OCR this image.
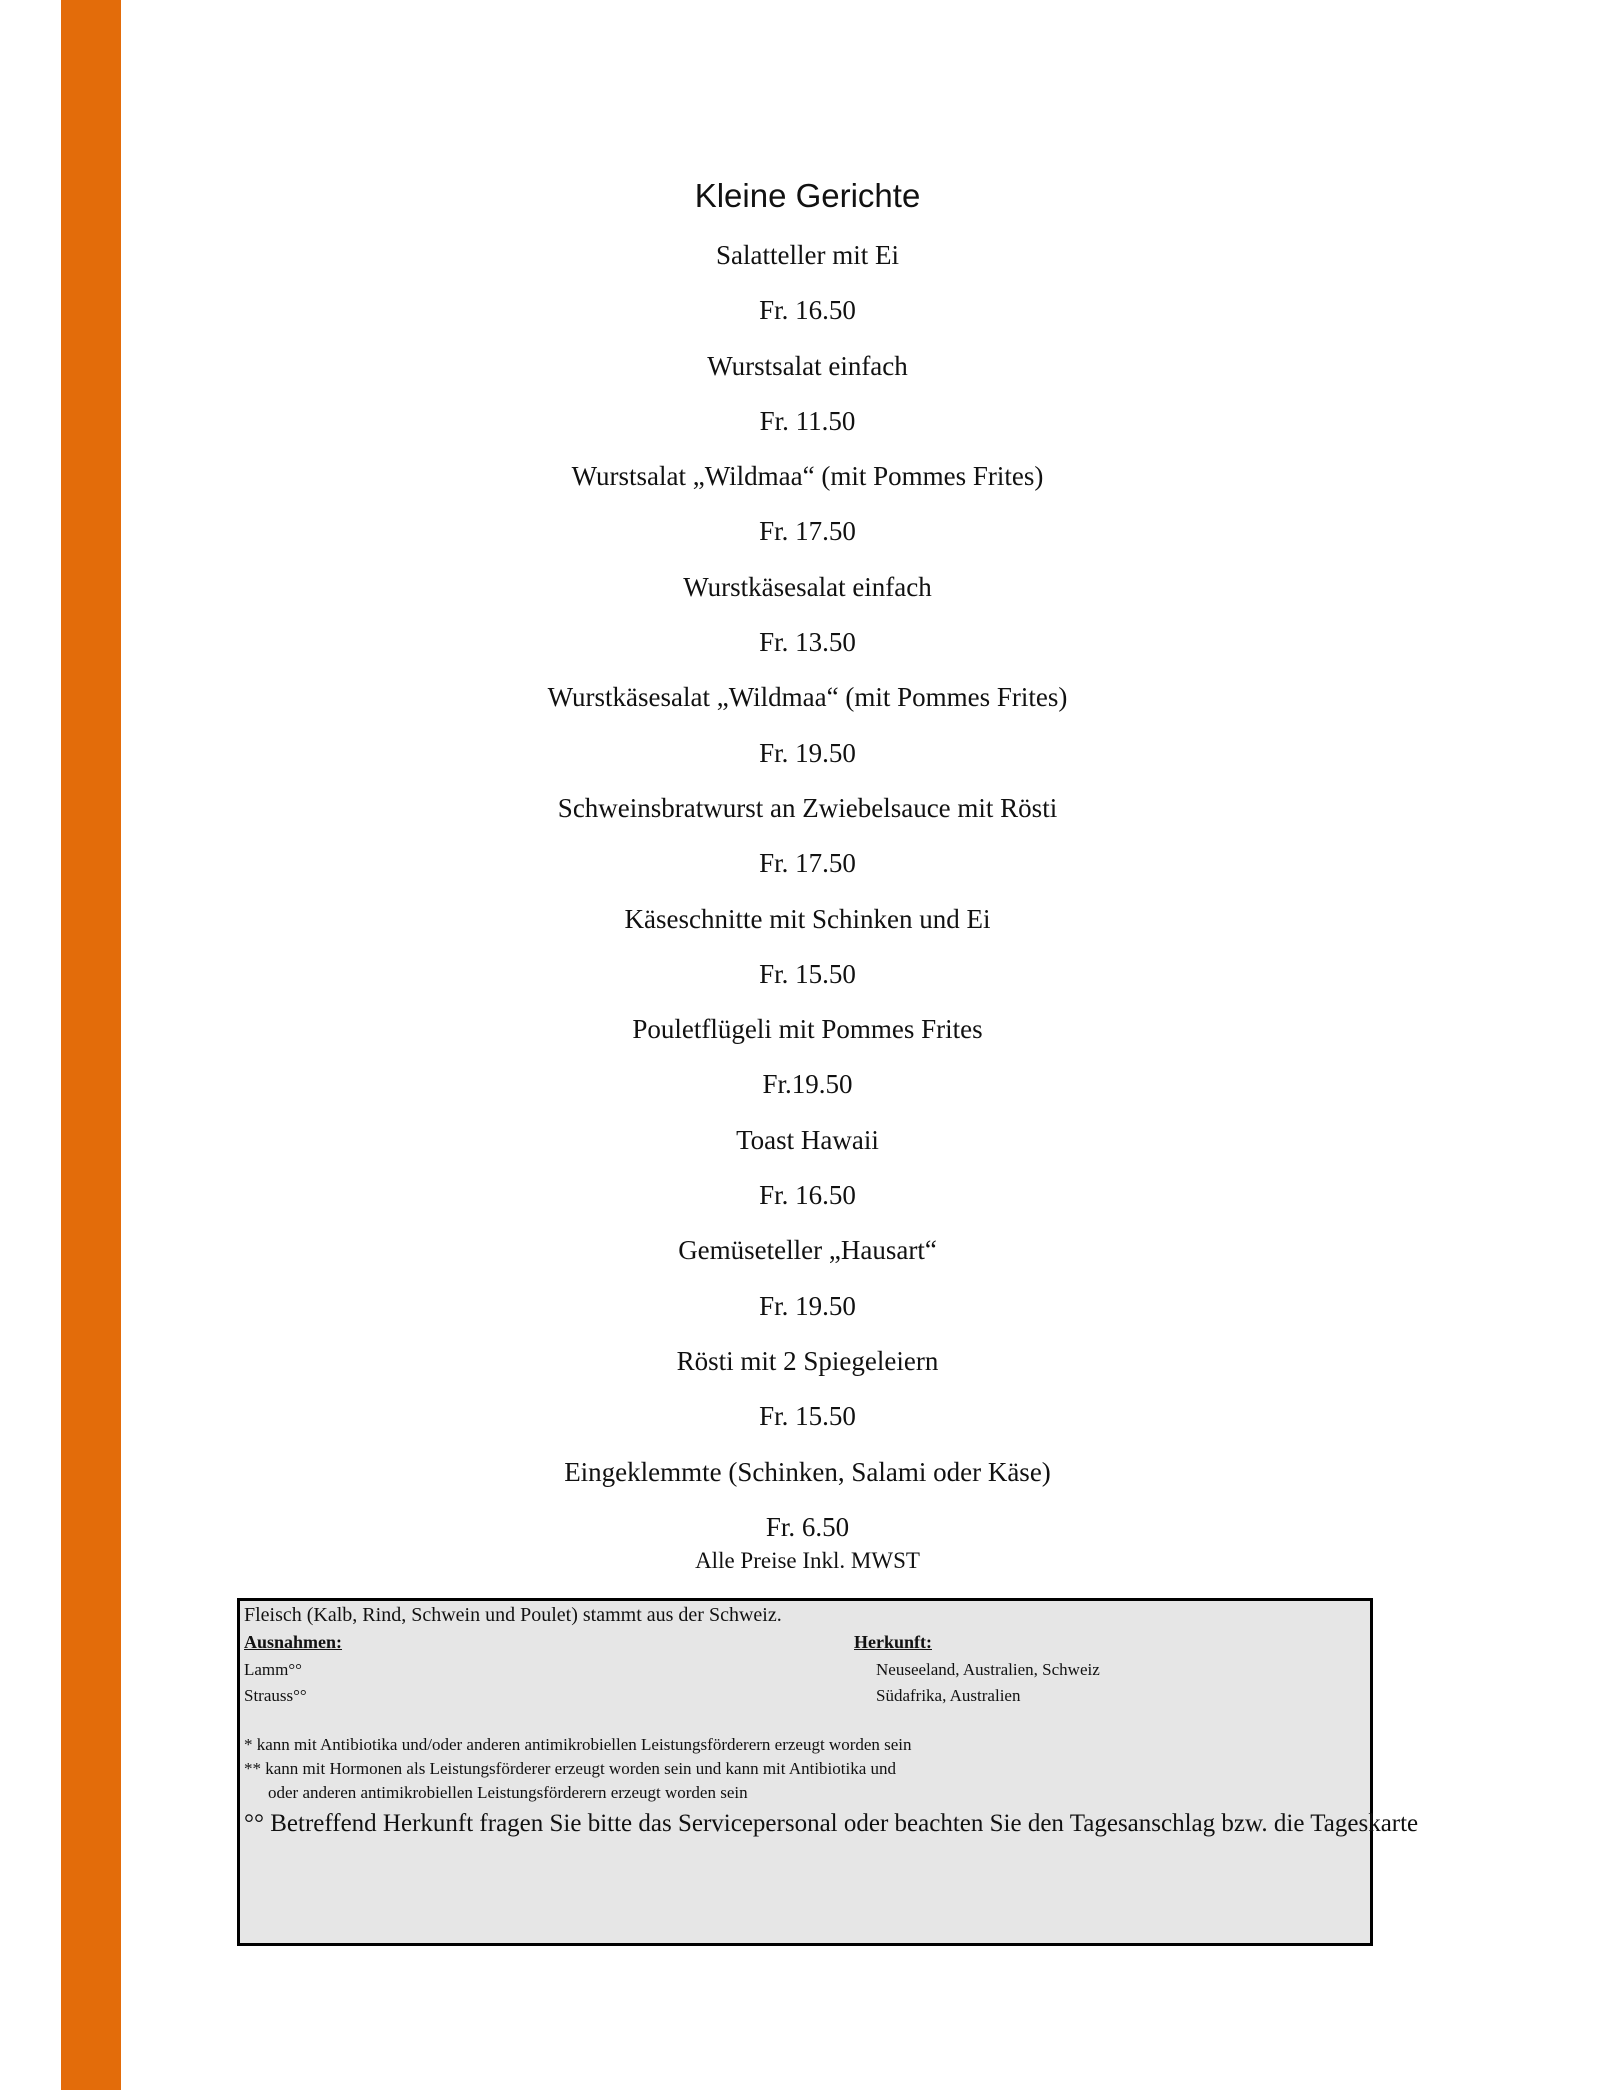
Kleine Gerichte
Salatteller mit Ei
Fr. 16.50
Wurstsalat einfach
Fr. 11.50
Wurstsalat „Wildmaa“ (mit Pommes Frites)
Fr. 17.50
Wurstkäsesalat einfach
Fr. 13.50
Wurstkäsesalat „Wildmaa“ (mit Pommes Frites)
Fr. 19.50
Schweinsbratwurst an Zwiebelsauce mit Rösti
Fr. 17.50
Käseschnitte mit Schinken und Ei
Fr. 15.50
Pouletflügeli mit Pommes Frites
Fr.19.50
Toast Hawaii
Fr. 16.50
Gemüseteller „Hausart“
Fr. 19.50
Rösti mit 2 Spiegeleiern
Fr. 15.50
Eingeklemmte (Schinken, Salami oder Käse)
Fr. 6.50
Alle Preise Inkl. MWST
Fleisch (Kalb, Rind, Schwein und Poulet) stammt aus der Schweiz.
Ausnahmen:	Herkunft:
Lamm°°	Neuseeland, Australien, Schweiz
Strauss°°	Südafrika, Australien
* kann mit Antibiotika und/oder anderen antimikrobiellen Leistungsförderern erzeugt worden sein
** kann mit Hormonen als Leistungsförderer erzeugt worden sein und kann mit Antibiotika und
oder anderen antimikrobiellen Leistungsförderern erzeugt worden sein
°° Betreffend Herkunft fragen Sie bitte das Servicepersonal oder beachten Sie den Tagesanschlag bzw. die Tageskarte
